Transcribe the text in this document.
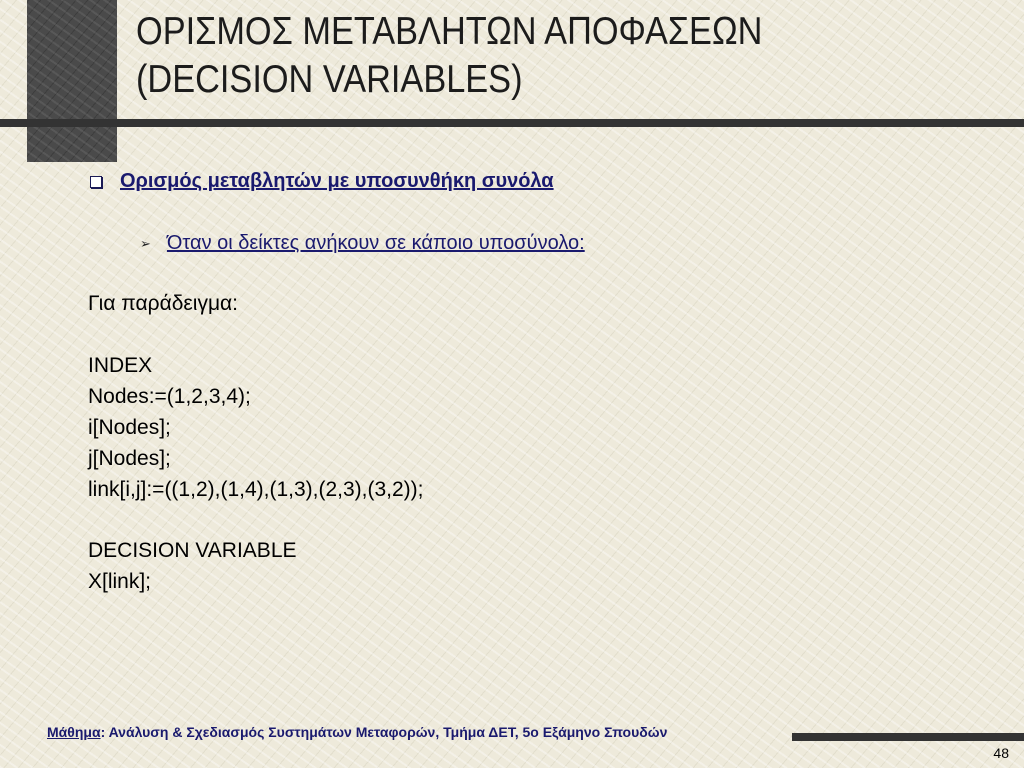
ΟΡΙΣΜΟΣ ΜΕΤΑΒΛΗΤΩΝ ΑΠΟΦΑΣΕΩΝ
(DECISION VARIABLES)
Ορισμός μεταβλητών με υποσυνθήκη συνόλα
➢ Όταν οι δείκτες ανήκουν σε κάποιο υποσύνολο:
Για παράδειγμα:
INDEX
Nodes:=(1,2,3,4);
i[Nodes];
j[Nodes];
link[i,j]:=((1,2),(1,4),(1,3),(2,3),(3,2));
DECISION VARIABLE
X[link];
Μάθημα: Ανάλυση & Σχεδιασμός Συστημάτων Μεταφορών, Τμήμα ΔΕΤ, 5ο Εξάμηνο Σπουδών
48
